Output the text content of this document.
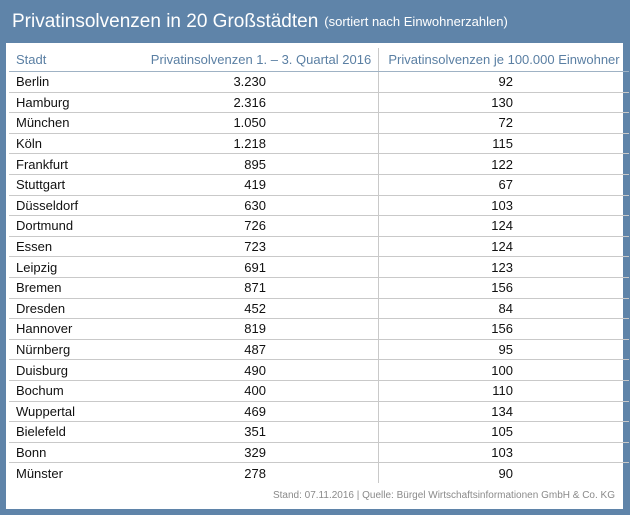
Privatinsolvenzen in 20 Großstädten (sortiert nach Einwohnerzahlen)
Stadt	Privatinsolvenzen 1. – 3. Quartal 2016	Privatinsolvenzen je 100.000 Einwohner
Berlin	3.230	92
Hamburg	2.316	130
München	1.050	72
Köln	1.218	115
Frankfurt	895	122
Stuttgart	419	67
Düsseldorf	630	103
Dortmund	726	124
Essen	723	124
Leipzig	691	123
Bremen	871	156
Dresden	452	84
Hannover	819	156
Nürnberg	487	95
Duisburg	490	100
Bochum	400	110
Wuppertal	469	134
Bielefeld	351	105
Bonn	329	103
Münster	278	90
Stand: 07.11.2016 | Quelle: Bürgel Wirtschaftsinformationen GmbH & Co. KG
